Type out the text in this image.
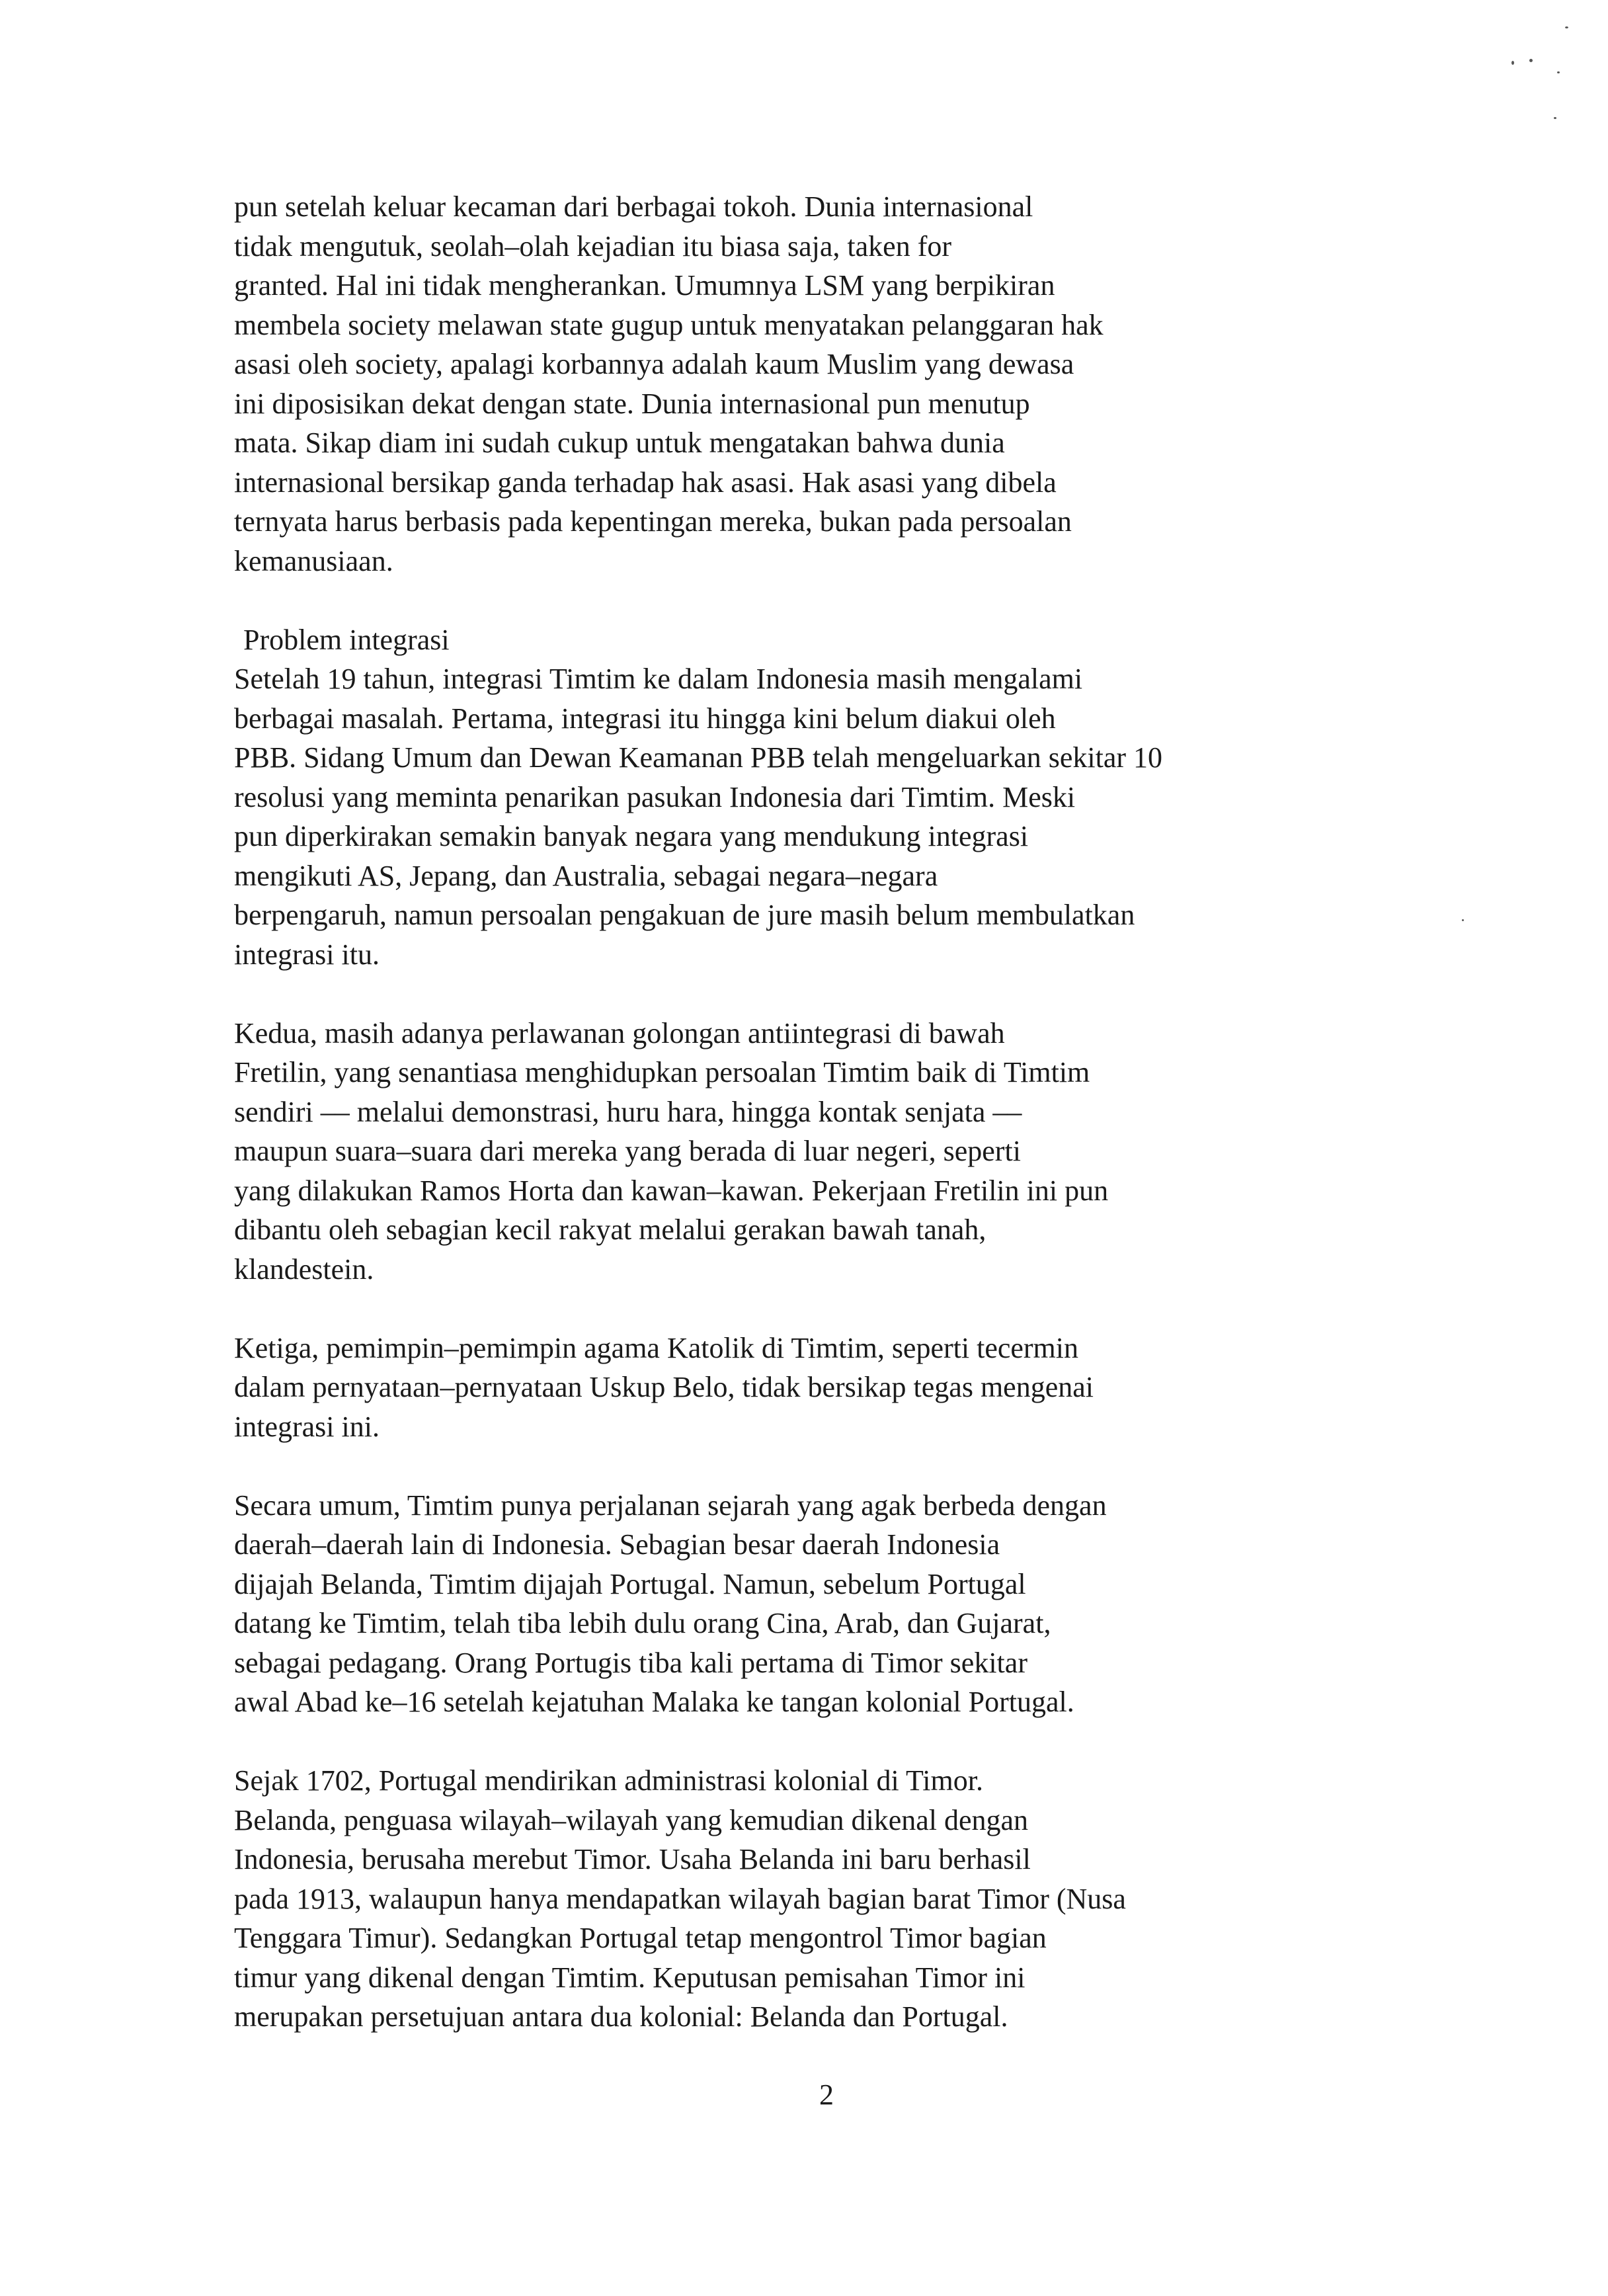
pun setelah keluar kecaman dari berbagai tokoh. Dunia internasional
tidak mengutuk, seolah–olah kejadian itu biasa saja, taken for
granted. Hal ini tidak mengherankan. Umumnya LSM yang berpikiran
membela society melawan state gugup untuk menyatakan pelanggaran hak
asasi oleh society, apalagi korbannya adalah kaum Muslim yang dewasa
ini diposisikan dekat dengan state. Dunia internasional pun menutup
mata. Sikap diam ini sudah cukup untuk mengatakan bahwa dunia
internasional bersikap ganda terhadap hak asasi. Hak asasi yang dibela
ternyata harus berbasis pada kepentingan mereka, bukan pada persoalan
kemanusiaan.
Problem integrasi
Setelah 19 tahun, integrasi Timtim ke dalam Indonesia masih mengalami
berbagai masalah. Pertama, integrasi itu hingga kini belum diakui oleh
PBB. Sidang Umum dan Dewan Keamanan PBB telah mengeluarkan sekitar 10
resolusi yang meminta penarikan pasukan Indonesia dari Timtim. Meski
pun diperkirakan semakin banyak negara yang mendukung integrasi
mengikuti AS, Jepang, dan Australia, sebagai negara–negara
berpengaruh, namun persoalan pengakuan de jure masih belum membulatkan
integrasi itu.
Kedua, masih adanya perlawanan golongan antiintegrasi di bawah
Fretilin, yang senantiasa menghidupkan persoalan Timtim baik di Timtim
sendiri –– melalui demonstrasi, huru hara, hingga kontak senjata ––
maupun suara–suara dari mereka yang berada di luar negeri, seperti
yang dilakukan Ramos Horta dan kawan–kawan. Pekerjaan Fretilin ini pun
dibantu oleh sebagian kecil rakyat melalui gerakan bawah tanah,
klandestein.
Ketiga, pemimpin–pemimpin agama Katolik di Timtim, seperti tecermin
dalam pernyataan–pernyataan Uskup Belo, tidak bersikap tegas mengenai
integrasi ini.
Secara umum, Timtim punya perjalanan sejarah yang agak berbeda dengan
daerah–daerah lain di Indonesia. Sebagian besar daerah Indonesia
dijajah Belanda, Timtim dijajah Portugal. Namun, sebelum Portugal
datang ke Timtim, telah tiba lebih dulu orang Cina, Arab, dan Gujarat,
sebagai pedagang. Orang Portugis tiba kali pertama di Timor sekitar
awal Abad ke–16 setelah kejatuhan Malaka ke tangan kolonial Portugal.
Sejak 1702, Portugal mendirikan administrasi kolonial di Timor.
Belanda, penguasa wilayah–wilayah yang kemudian dikenal dengan
Indonesia, berusaha merebut Timor. Usaha Belanda ini baru berhasil
pada 1913, walaupun hanya mendapatkan wilayah bagian barat Timor (Nusa
Tenggara Timur). Sedangkan Portugal tetap mengontrol Timor bagian
timur yang dikenal dengan Timtim. Keputusan pemisahan Timor ini
merupakan persetujuan antara dua kolonial: Belanda dan Portugal.
2
